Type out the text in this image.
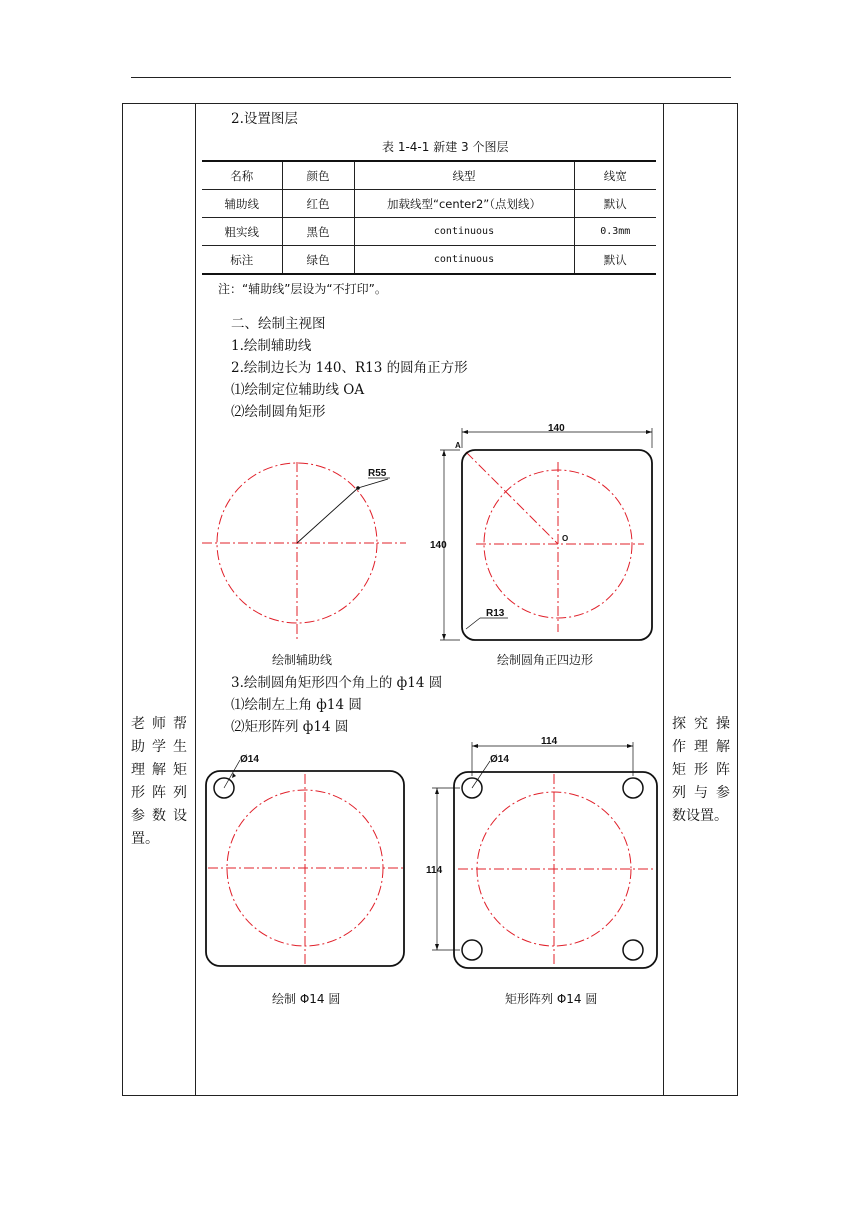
老师帮
助学生
理解矩
形阵列
参数设
置。
探究操
作理解
矩形阵
列与参
数设置。
2.设置图层
表 1-4-1 新建 3 个图层
名称	颜色	线型	线宽
辅助线	红色	加载线型“center2”（点划线）	默认
粗实线	黑色	continuous	0.3mm
标注	绿色	continuous	默认
注：“辅助线”层设为“不打印”。
二、绘制主视图
1.绘制辅助线
2.绘制边长为 140、R13 的圆角正方形
⑴绘制定位辅助线 OA
⑵绘制圆角矩形
R55
绘制辅助线
140
140
A
O
R13
绘制圆角正四边形
3.绘制圆角矩形四个角上的 ф14 圆
⑴绘制左上角 ф14 圆
⑵矩形阵列 ф14 圆
Ø14
绘制 Φ14 圆
114
114
Ø14
矩形阵列 Φ14 圆
